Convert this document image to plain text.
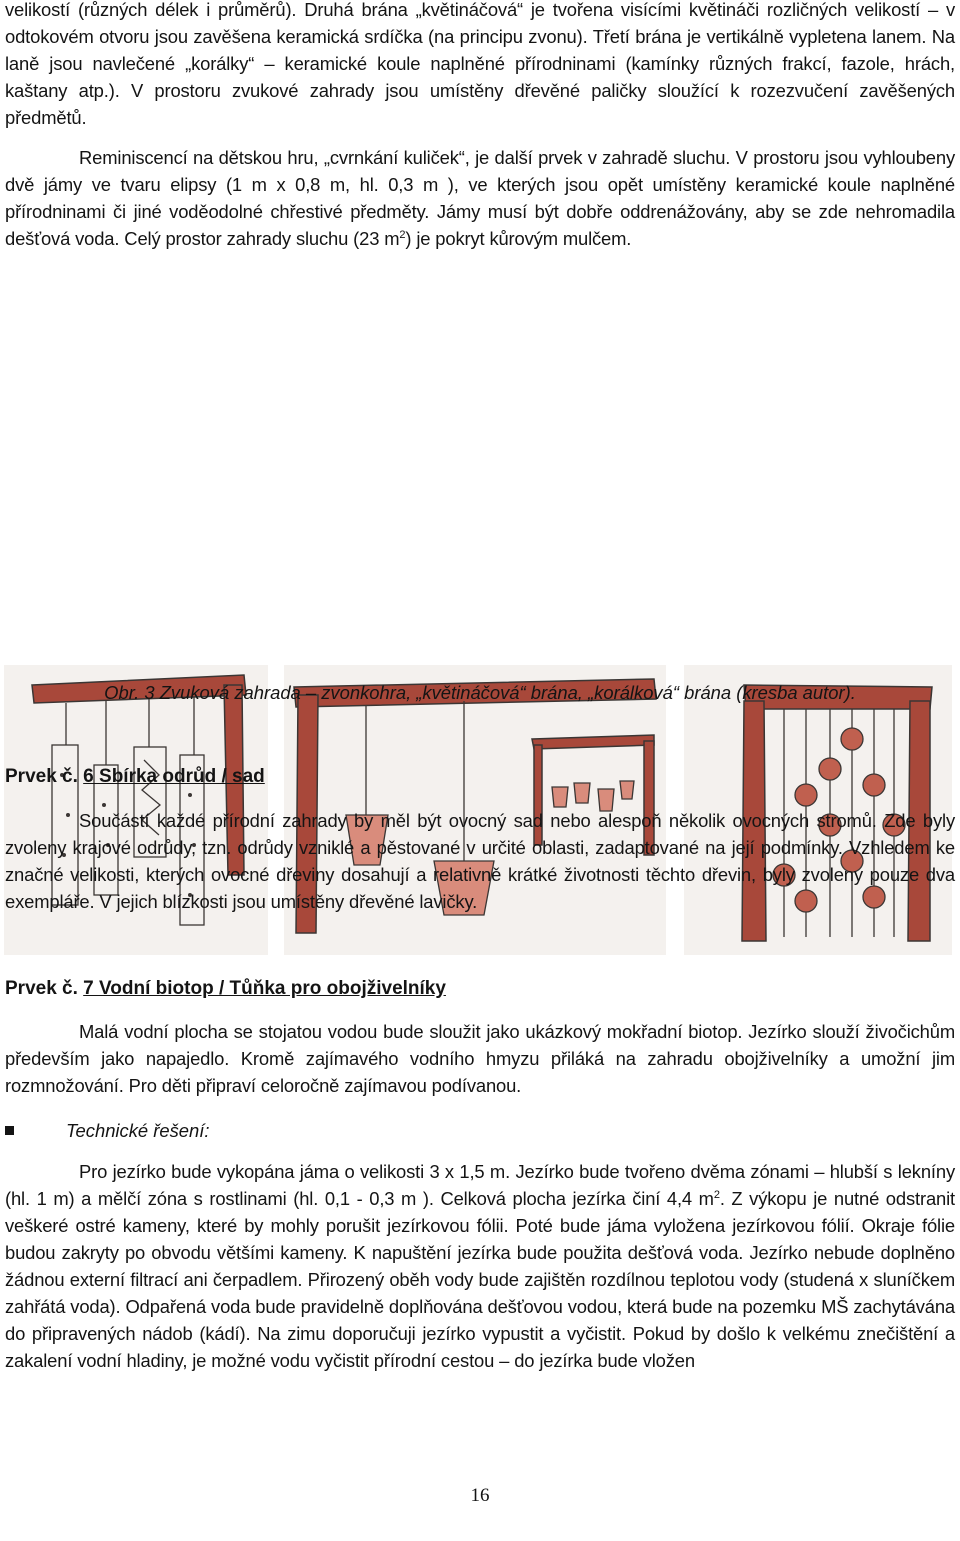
velikostí (různých délek i průměrů). Druhá brána „květináčová“ je tvořena visícími květináči rozličných velikostí – v odtokovém otvoru jsou zavěšena keramická srdíčka (na principu zvonu). Třetí brána je vertikálně vypletena lanem. Na laně jsou navlečené „korálky“ – keramické koule naplněné přírodninami (kamínky různých frakcí, fazole, hrách, kaštany atp.). V prostoru zvukové zahrady jsou umístěny dřevěné paličky sloužící k rozezvučení zavěšených předmětů.

Reminiscencí na dětskou hru, „cvrnkání kuliček“, je další prvek v zahradě sluchu. V prostoru jsou vyhloubeny dvě jámy ve tvaru elipsy (1 m x 0,8 m, hl. 0,3 m ), ve kterých jsou opět umístěny keramické koule naplněné přírodninami či jiné voděodolné chřestivé předměty. Jámy musí být dobře oddrenážovány, aby se zde nehromadila dešťová voda. Celý prostor zahrady sluchu (23 $m^2$) je pokryt kůrovým mulčem.

Obr. 3 Zvuková zahrada – zvonkohra, „květináčová“ brána, „korálková“ brána (kresba autor).
Prvek č. 6 Sbírka odrůd / sad

Součástí každé přírodní zahrady by měl být ovocný sad nebo alespoň několik ovocných stromů. Zde byly zvoleny krajové odrůdy, tzn. odrůdy vzniklé a pěstované v určité oblasti, zadaptované na její podmínky. Vzhledem ke značné velikosti, kterých ovocné dřeviny dosahují a relativně krátké životnosti těchto dřevin, byly zvoleny pouze dva exempláře. V jejich blízkosti jsou umístěny dřevěné lavičky.

Prvek č. 7 Vodní biotop / Tůňka pro obojživelníky

Malá vodní plocha se stojatou vodou bude sloužit jako ukázkový mokřadní biotop. Jezírko slouží živočichům především jako napajedlo. Kromě zajímavého vodního hmyzu přiláká na zahradu obojživelníky a umožní jim rozmnožování. Pro děti připraví celoročně zajímavou podívanou.

Technické řešení:

Pro jezírko bude vykopána jáma o velikosti 3 x 1,5 m. Jezírko bude tvořeno dvěma zónami – hlubší s lekníny (hl. 1 m) a mělčí zóna s rostlinami (hl. 0,1 - 0,3 m ). Celková plocha jezírka činí 4,4 $m^2$. Z výkopu je nutné odstranit veškeré ostré kameny, které by mohly porušit jezírkovou fólii. Poté bude jáma vyložena jezírkovou fólií. Okraje fólie budou zakryty po obvodu většími kameny. K napuštění jezírka bude použita dešťová voda. Jezírko nebude doplněno žádnou externí filtrací ani čerpadlem. Přirozený oběh vody bude zajištěn rozdílnou teplotou vody (studená x sluníčkem zahřátá voda). Odpařená voda bude pravidelně doplňována dešťovou vodou, která bude na pozemku MŠ zachytávána do připravených nádob (kádí). Na zimu doporučuji jezírko vypustit a vyčistit. Pokud by došlo k velkému znečištění a zakalení vodní hladiny, je možné vodu vyčistit přírodní cestou – do jezírka bude vložen

16
